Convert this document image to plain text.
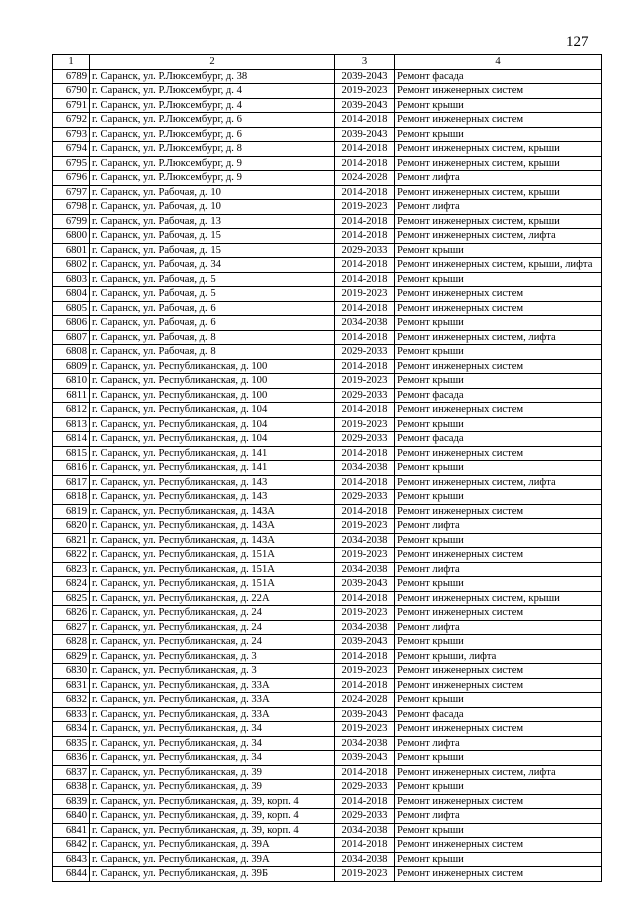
127
1	2	3	4
6789	г. Саранск, ул. Р.Люксембург, д. 38	2039-2043	Ремонт фасада
6790	г. Саранск, ул. Р.Люксембург, д. 4	2019-2023	Ремонт инженерных систем
6791	г. Саранск, ул. Р.Люксембург, д. 4	2039-2043	Ремонт крыши
6792	г. Саранск, ул. Р.Люксембург, д. 6	2014-2018	Ремонт инженерных систем
6793	г. Саранск, ул. Р.Люксембург, д. 6	2039-2043	Ремонт крыши
6794	г. Саранск, ул. Р.Люксембург, д. 8	2014-2018	Ремонт инженерных систем, крыши
6795	г. Саранск, ул. Р.Люксембург, д. 9	2014-2018	Ремонт инженерных систем, крыши
6796	г. Саранск, ул. Р.Люксембург, д. 9	2024-2028	Ремонт лифта
6797	г. Саранск, ул. Рабочая, д. 10	2014-2018	Ремонт инженерных систем, крыши
6798	г. Саранск, ул. Рабочая, д. 10	2019-2023	Ремонт лифта
6799	г. Саранск, ул. Рабочая, д. 13	2014-2018	Ремонт инженерных систем, крыши
6800	г. Саранск, ул. Рабочая, д. 15	2014-2018	Ремонт инженерных систем, лифта
6801	г. Саранск, ул. Рабочая, д. 15	2029-2033	Ремонт крыши
6802	г. Саранск, ул. Рабочая, д. 34	2014-2018	Ремонт инженерных систем, крыши, лифта
6803	г. Саранск, ул. Рабочая, д. 5	2014-2018	Ремонт крыши
6804	г. Саранск, ул. Рабочая, д. 5	2019-2023	Ремонт инженерных систем
6805	г. Саранск, ул. Рабочая, д. 6	2014-2018	Ремонт инженерных систем
6806	г. Саранск, ул. Рабочая, д. 6	2034-2038	Ремонт крыши
6807	г. Саранск, ул. Рабочая, д. 8	2014-2018	Ремонт инженерных систем, лифта
6808	г. Саранск, ул. Рабочая, д. 8	2029-2033	Ремонт крыши
6809	г. Саранск, ул. Республиканская, д. 100	2014-2018	Ремонт инженерных систем
6810	г. Саранск, ул. Республиканская, д. 100	2019-2023	Ремонт крыши
6811	г. Саранск, ул. Республиканская, д. 100	2029-2033	Ремонт фасада
6812	г. Саранск, ул. Республиканская, д. 104	2014-2018	Ремонт инженерных систем
6813	г. Саранск, ул. Республиканская, д. 104	2019-2023	Ремонт крыши
6814	г. Саранск, ул. Республиканская, д. 104	2029-2033	Ремонт фасада
6815	г. Саранск, ул. Республиканская, д. 141	2014-2018	Ремонт инженерных систем
6816	г. Саранск, ул. Республиканская, д. 141	2034-2038	Ремонт крыши
6817	г. Саранск, ул. Республиканская, д. 143	2014-2018	Ремонт инженерных систем, лифта
6818	г. Саранск, ул. Республиканская, д. 143	2029-2033	Ремонт крыши
6819	г. Саранск, ул. Республиканская, д. 143А	2014-2018	Ремонт инженерных систем
6820	г. Саранск, ул. Республиканская, д. 143А	2019-2023	Ремонт лифта
6821	г. Саранск, ул. Республиканская, д. 143А	2034-2038	Ремонт крыши
6822	г. Саранск, ул. Республиканская, д. 151А	2019-2023	Ремонт инженерных систем
6823	г. Саранск, ул. Республиканская, д. 151А	2034-2038	Ремонт лифта
6824	г. Саранск, ул. Республиканская, д. 151А	2039-2043	Ремонт крыши
6825	г. Саранск, ул. Республиканская, д. 22А	2014-2018	Ремонт инженерных систем, крыши
6826	г. Саранск, ул. Республиканская, д. 24	2019-2023	Ремонт инженерных систем
6827	г. Саранск, ул. Республиканская, д. 24	2034-2038	Ремонт лифта
6828	г. Саранск, ул. Республиканская, д. 24	2039-2043	Ремонт крыши
6829	г. Саранск, ул. Республиканская, д. 3	2014-2018	Ремонт крыши, лифта
6830	г. Саранск, ул. Республиканская, д. 3	2019-2023	Ремонт инженерных систем
6831	г. Саранск, ул. Республиканская, д. 33А	2014-2018	Ремонт инженерных систем
6832	г. Саранск, ул. Республиканская, д. 33А	2024-2028	Ремонт крыши
6833	г. Саранск, ул. Республиканская, д. 33А	2039-2043	Ремонт фасада
6834	г. Саранск, ул. Республиканская, д. 34	2019-2023	Ремонт инженерных систем
6835	г. Саранск, ул. Республиканская, д. 34	2034-2038	Ремонт лифта
6836	г. Саранск, ул. Республиканская, д. 34	2039-2043	Ремонт крыши
6837	г. Саранск, ул. Республиканская, д. 39	2014-2018	Ремонт инженерных систем, лифта
6838	г. Саранск, ул. Республиканская, д. 39	2029-2033	Ремонт крыши
6839	г. Саранск, ул. Республиканская, д. 39, корп. 4	2014-2018	Ремонт инженерных систем
6840	г. Саранск, ул. Республиканская, д. 39, корп. 4	2029-2033	Ремонт лифта
6841	г. Саранск, ул. Республиканская, д. 39, корп. 4	2034-2038	Ремонт крыши
6842	г. Саранск, ул. Республиканская, д. 39А	2014-2018	Ремонт инженерных систем
6843	г. Саранск, ул. Республиканская, д. 39А	2034-2038	Ремонт крыши
6844	г. Саранск, ул. Республиканская, д. 39Б	2019-2023	Ремонт инженерных систем
